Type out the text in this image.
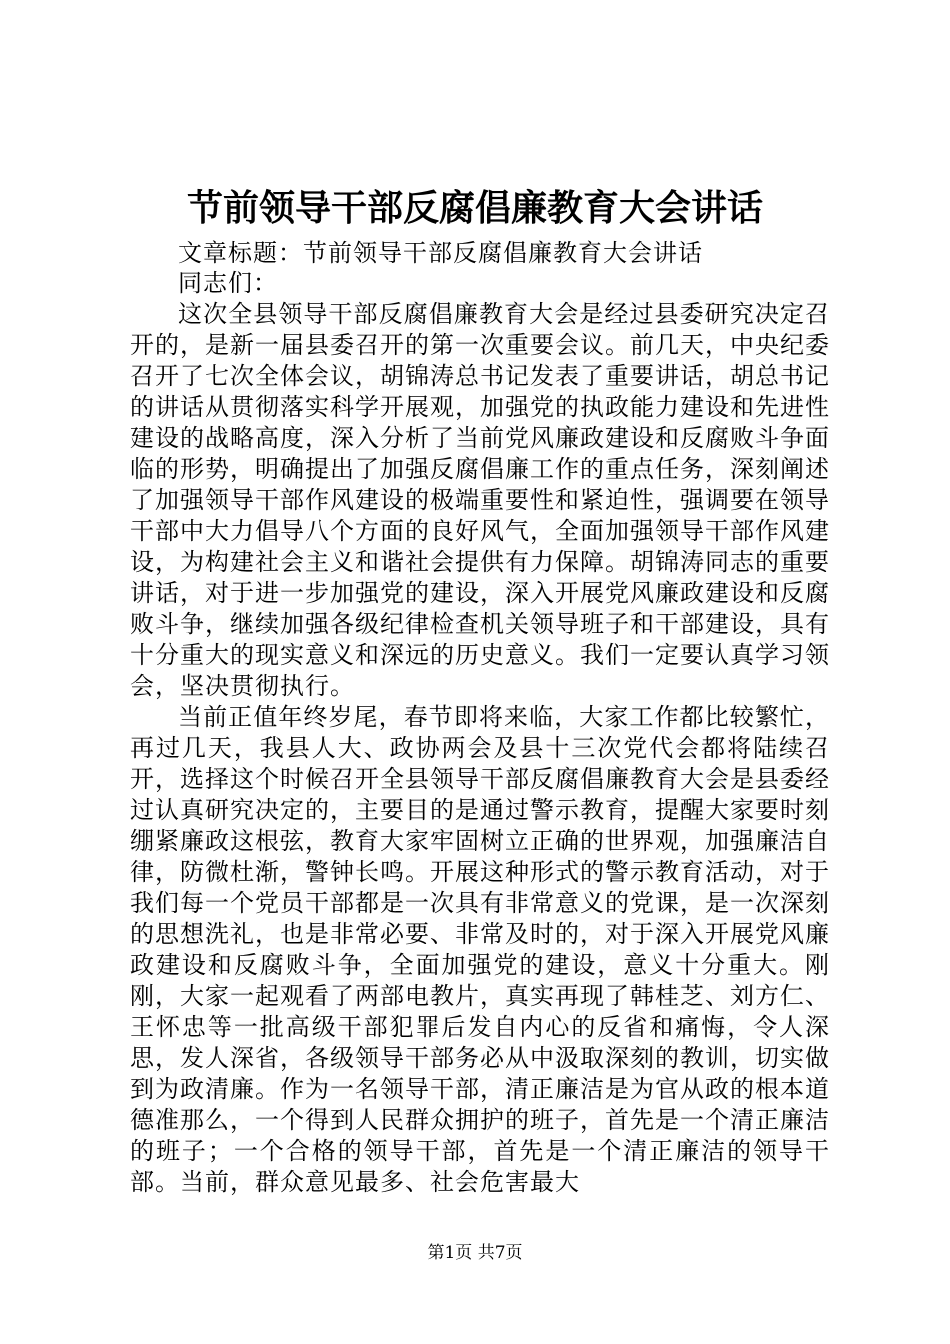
节前领导干部反腐倡廉教育大会讲话

文章标题：节前领导干部反腐倡廉教育大会讲话

同志们：

这次全县领导干部反腐倡廉教育大会是经过县委研究决定召开的，是新一届县委召开的第一次重要会议。前几天，中央纪委召开了七次全体会议，胡锦涛总书记发表了重要讲话，胡总书记的讲话从贯彻落实科学开展观，加强党的执政能力建设和先进性建设的战略高度，深入分析了当前党风廉政建设和反腐败斗争面临的形势，明确提出了加强反腐倡廉工作的重点任务，深刻阐述了加强领导干部作风建设的极端重要性和紧迫性，强调要在领导干部中大力倡导八个方面的良好风气，全面加强领导干部作风建设，为构建社会主义和谐社会提供有力保障。胡锦涛同志的重要讲话，对于进一步加强党的建设，深入开展党风廉政建设和反腐败斗争，继续加强各级纪律检查机关领导班子和干部建设，具有十分重大的现实意义和深远的历史意义。我们一定要认真学习领会，坚决贯彻执行。

当前正值年终岁尾，春节即将来临，大家工作都比较繁忙，再过几天，我县人大、政协两会及县十三次党代会都将陆续召开，选择这个时候召开全县领导干部反腐倡廉教育大会是县委经过认真研究决定的，主要目的是通过警示教育，提醒大家要时刻绷紧廉政这根弦，教育大家牢固树立正确的世界观，加强廉洁自律，防微杜渐，警钟长鸣。开展这种形式的警示教育活动，对于我们每一个党员干部都是一次具有非常意义的党课，是一次深刻的思想洗礼，也是非常必要、非常及时的，对于深入开展党风廉政建设和反腐败斗争，全面加强党的建设，意义十分重大。刚刚，大家一起观看了两部电教片，真实再现了韩桂芝、刘方仁、王怀忠等一批高级干部犯罪后发自内心的反省和痛悔，令人深思，发人深省，各级领导干部务必从中汲取深刻的教训，切实做到为政清廉。作为一名领导干部，清正廉洁是为官从政的根本道德准那么，一个得到人民群众拥护的班子，首先是一个清正廉洁的班子；一个合格的领导干部，首先是一个清正廉洁的领导干部。当前，群众意见最多、社会危害最大

第1页 共7页
